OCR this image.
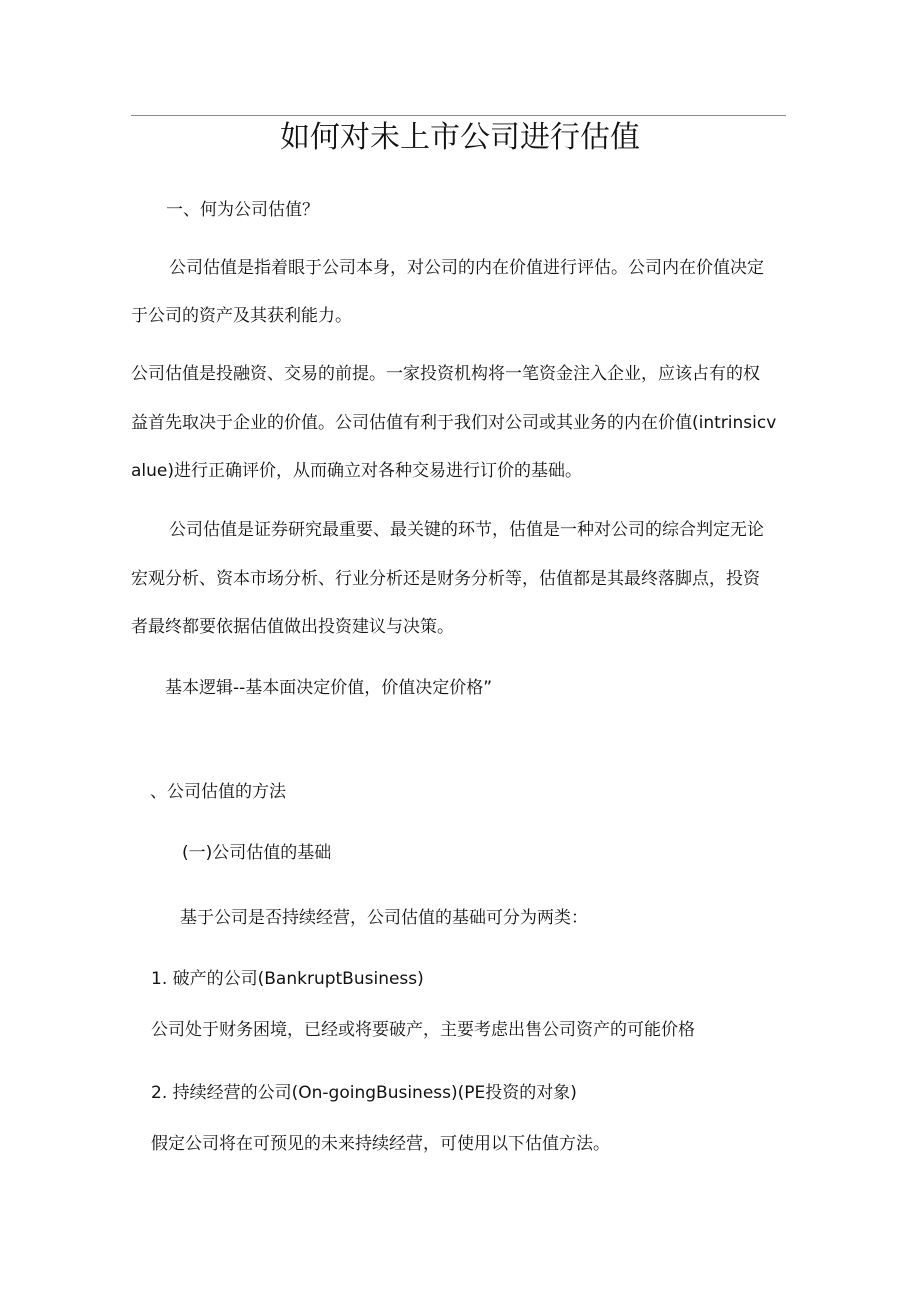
如何对未上市公司进行估值

一、何为公司估值？

公司估值是指着眼于公司本身，对公司的内在价值进行评估。公司内在价值决定

于公司的资产及其获利能力。

公司估值是投融资、交易的前提。一家投资机构将一笔资金注入企业，应该占有的权

益首先取决于企业的价值。公司估值有利于我们对公司或其业务的内在价值(intrinsicv

alue)进行正确评价，从而确立对各种交易进行订价的基础。

公司估值是证券研究最重要、最关键的环节，估值是一种对公司的综合判定无论

宏观分析、资本市场分析、行业分析还是财务分析等，估值都是其最终落脚点，投资

者最终都要依据估值做出投资建议与决策。

基本逻辑--基本面决定价值，价值决定价格”

、公司估值的方法

(一)公司估值的基础

基于公司是否持续经营，公司估值的基础可分为两类：

1. 破产的公司(BankruptBusiness)

公司处于财务困境，已经或将要破产，主要考虑出售公司资产的可能价格

2. 持续经营的公司(On-goingBusiness)(PE投资的对象)

假定公司将在可预见的未来持续经营，可使用以下估值方法。
